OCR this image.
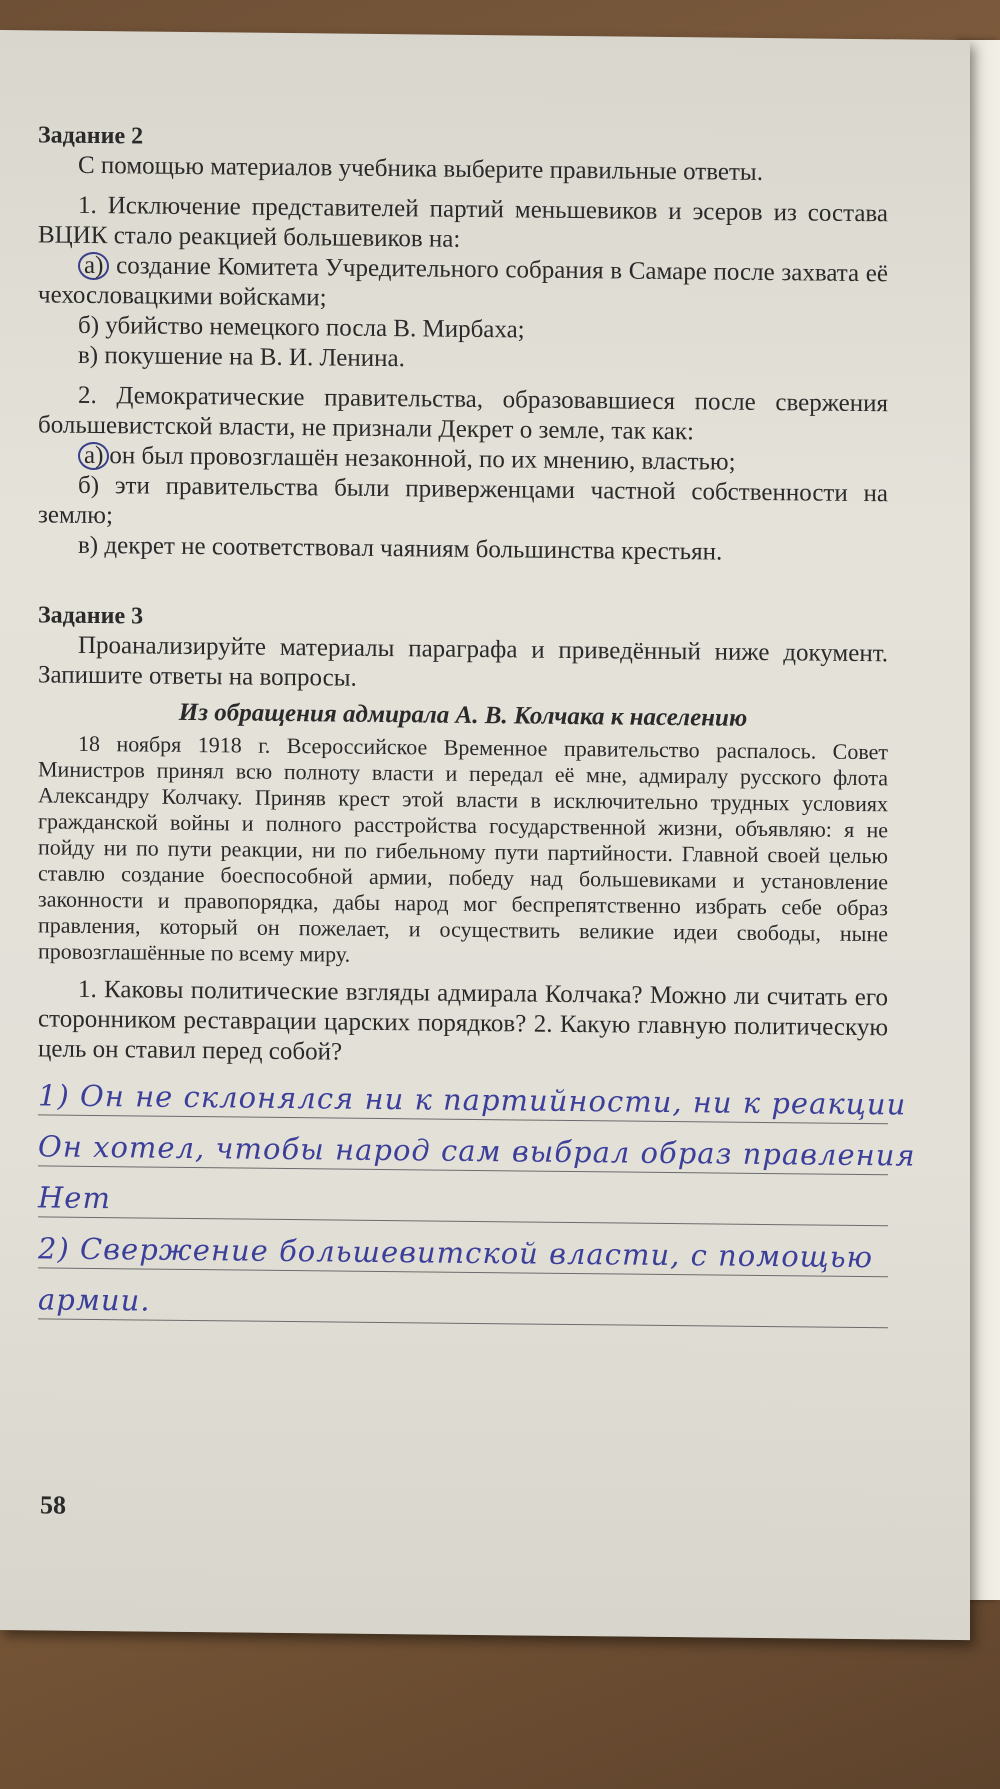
Задание 2

С помощью материалов учебника выберите правильные ответы.

1. Исключение представителей партий меньшевиков и эсеров из состава ВЦИК стало реакцией большевиков на:

а) создание Комитета Учредительного собрания в Самаре после захвата её чехословацкими войсками;

б) убийство немецкого посла В. Мирбаха;

в) покушение на В. И. Ленина.

2. Демократические правительства, образовавшиеся после свержения большевистской власти, не признали Декрет о земле, так как:

а) он был провозглашён незаконной, по их мнению, властью;

б) эти правительства были приверженцами частной собственности на землю;

в) декрет не соответствовал чаяниям большинства крестьян.

Задание 3

Проанализируйте материалы параграфа и приведённый ниже документ. Запишите ответы на вопросы.

Из обращения адмирала А. В. Колчака к населению

18 ноября 1918 г. Всероссийское Временное правительство распалось. Совет Министров принял всю полноту власти и передал её мне, адмиралу русского флота Александру Колчаку. Приняв крест этой власти в исключительно трудных условиях гражданской войны и полного расстройства государственной жизни, объявляю: я не пойду ни по пути реакции, ни по гибельному пути партийности. Главной своей целью ставлю создание боеспособной армии, победу над большевиками и установление законности и правопорядка, дабы народ мог беспрепятственно избрать себе образ правления, который он пожелает, и осуществить великие идеи свободы, ныне провозглашённые по всему миру.

1. Каковы политические взгляды адмирала Колчака? Можно ли считать его сторонником реставрации царских порядков? 2. Какую главную политическую цель он ставил перед собой?

1) Он не склонялся ни к партийности, ни к реакции
Он хотел, чтобы народ сам выбрал образ правления
Нет
2) Свержение большевитской власти, с помощью
армии.
58
